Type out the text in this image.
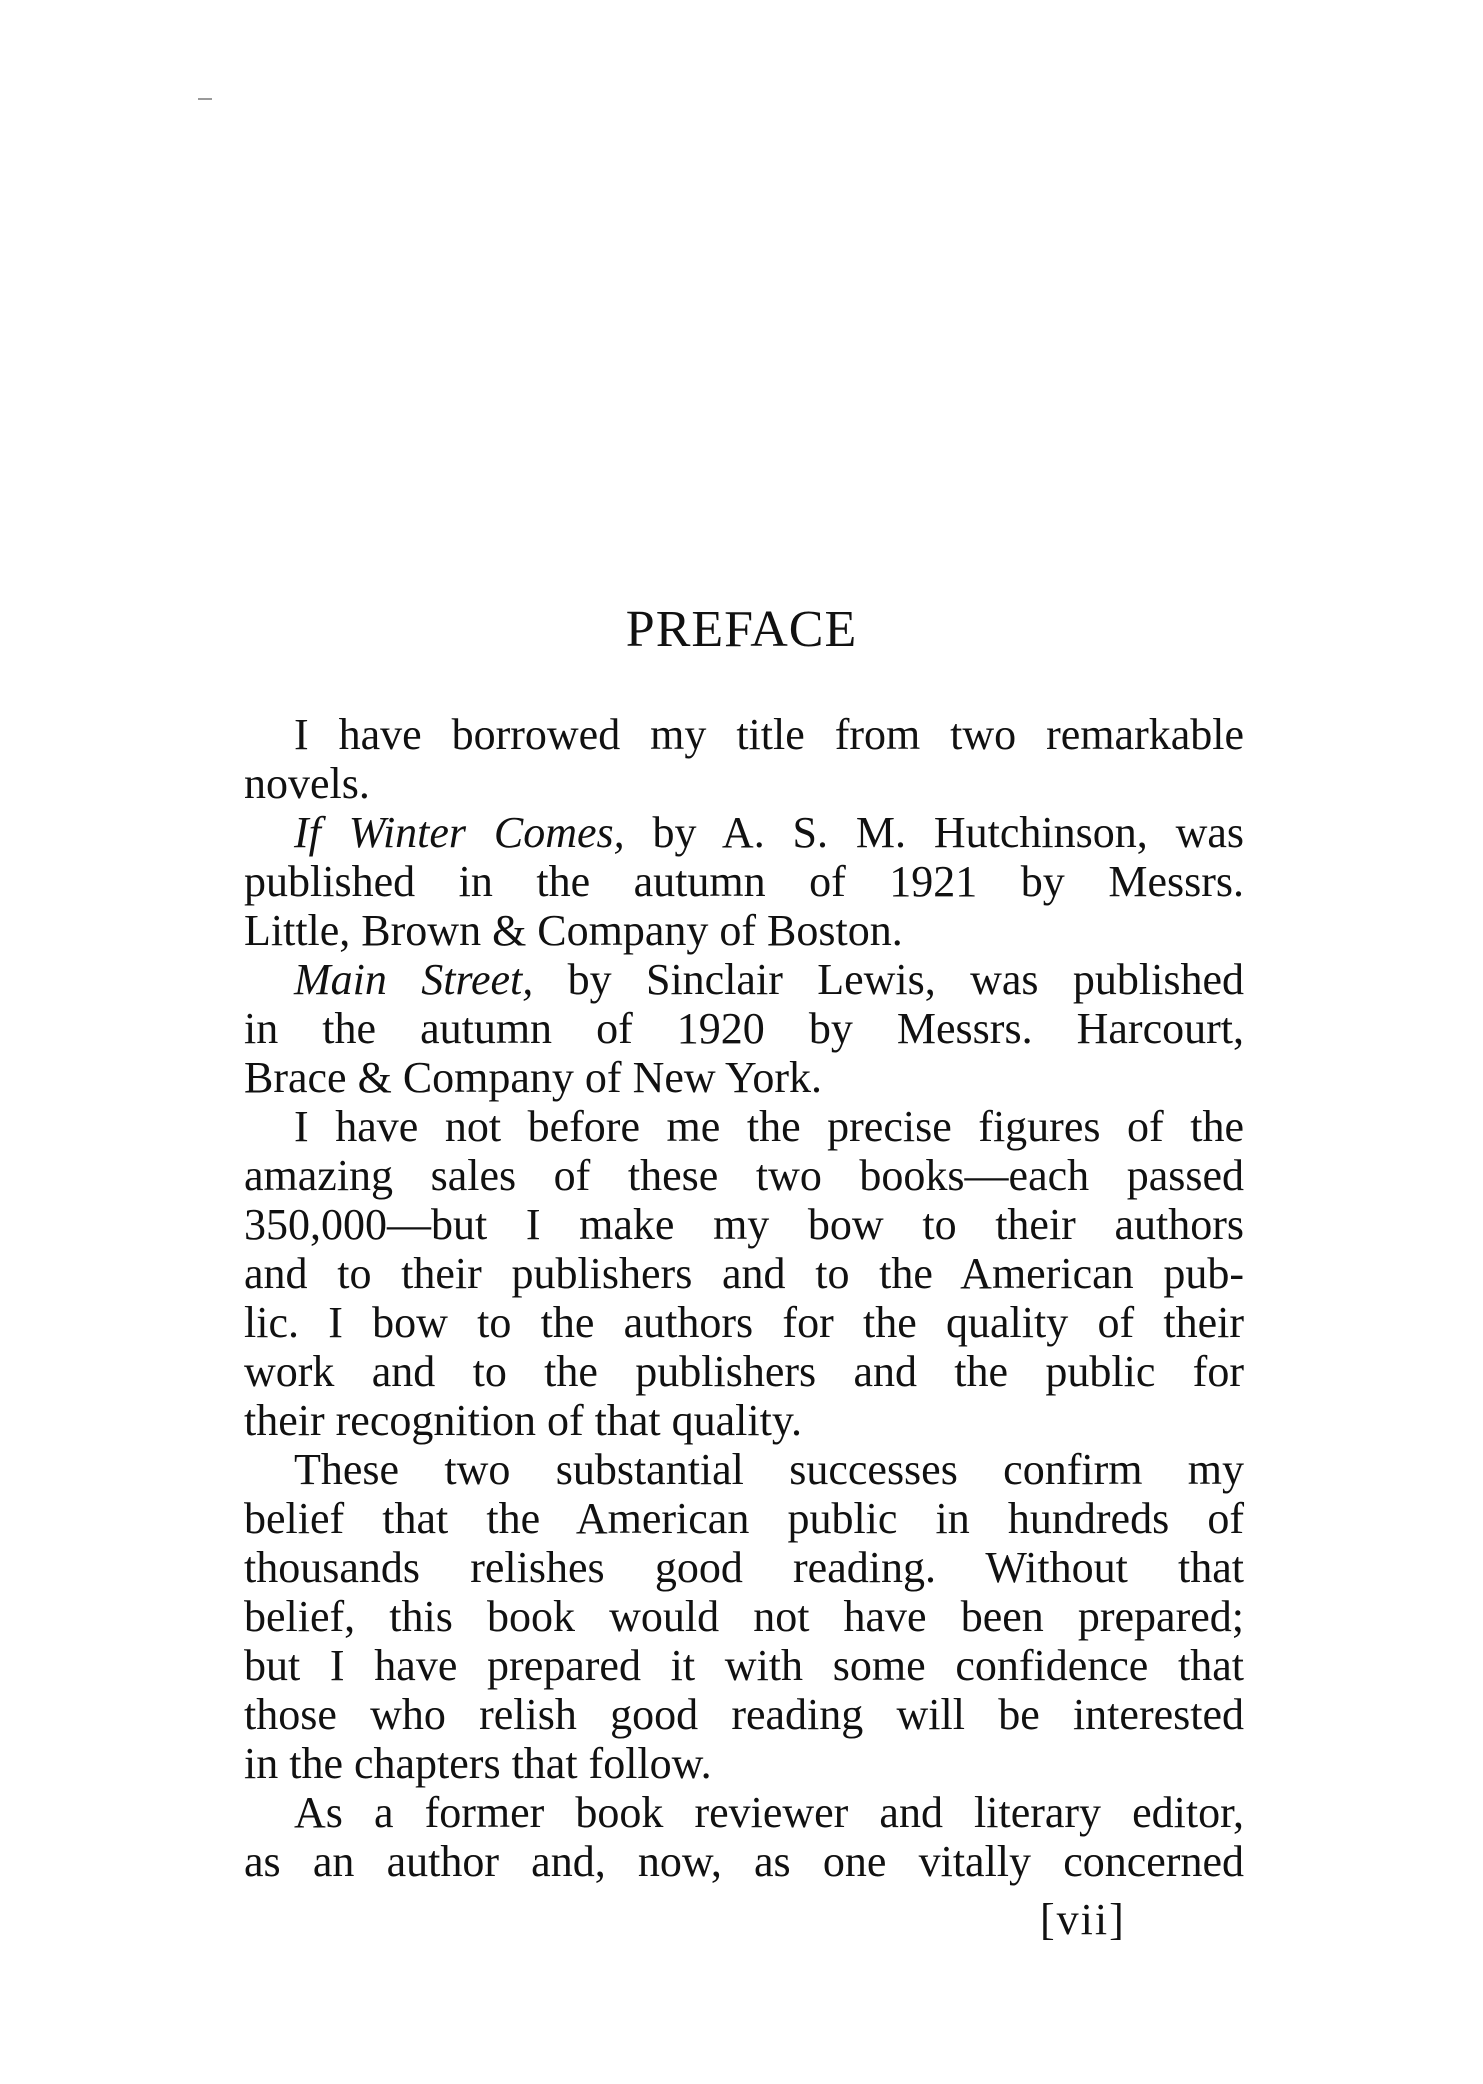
PREFACE
I have borrowed my title from two remarkable
novels.
If Winter Comes, by A. S. M. Hutchinson, was
published in the autumn of 1921 by Messrs.
Little, Brown & Company of Boston.
Main Street, by Sinclair Lewis, was published
in the autumn of 1920 by Messrs. Harcourt,
Brace & Company of New York.
I have not before me the precise figures of the
amazing sales of these two books—each passed
350,000—but I make my bow to their authors
and to their publishers and to the American pub-
lic. I bow to the authors for the quality of their
work and to the publishers and the public for
their recognition of that quality.
These two substantial successes confirm my
belief that the American public in hundreds of
thousands relishes good reading. Without that
belief, this book would not have been prepared;
but I have prepared it with some confidence that
those who relish good reading will be interested
in the chapters that follow.
As a former book reviewer and literary editor,
as an author and, now, as one vitally concerned
[vii]
